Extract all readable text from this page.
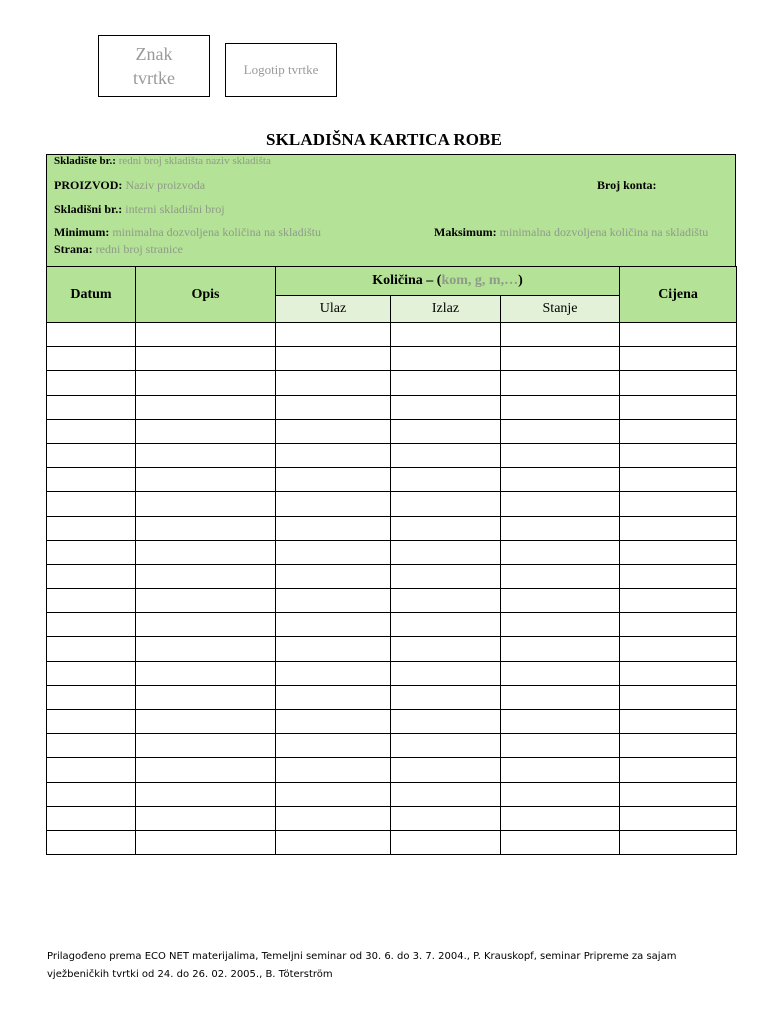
Znak tvrtke	Logotip tvrtke
SKLADIŠNA KARTICA ROBE
Skladište br.: redni broj skladišta naziv skladišta
PROIZVOD: Naziv proizvoda	Broj konta:
Skladišni br.: interni skladišni broj
Minimum: minimalna dozvoljena količina na skladištu	Maksimum: minimalna dozvoljena količina na skladištu
Strana: redni broj stranice
Datum	Opis	Količina – (kom, g, m,…)			Cijena
		Ulaz	Izlaz	Stanje	

Prilagođeno prema ECO NET materijalima, Temeljni seminar od 30. 6. do 3. 7. 2004., P. Krauskopf, seminar Pripreme za sajam
vježbeničkih tvrtki od 24. do 26. 02. 2005., B. Töterström
